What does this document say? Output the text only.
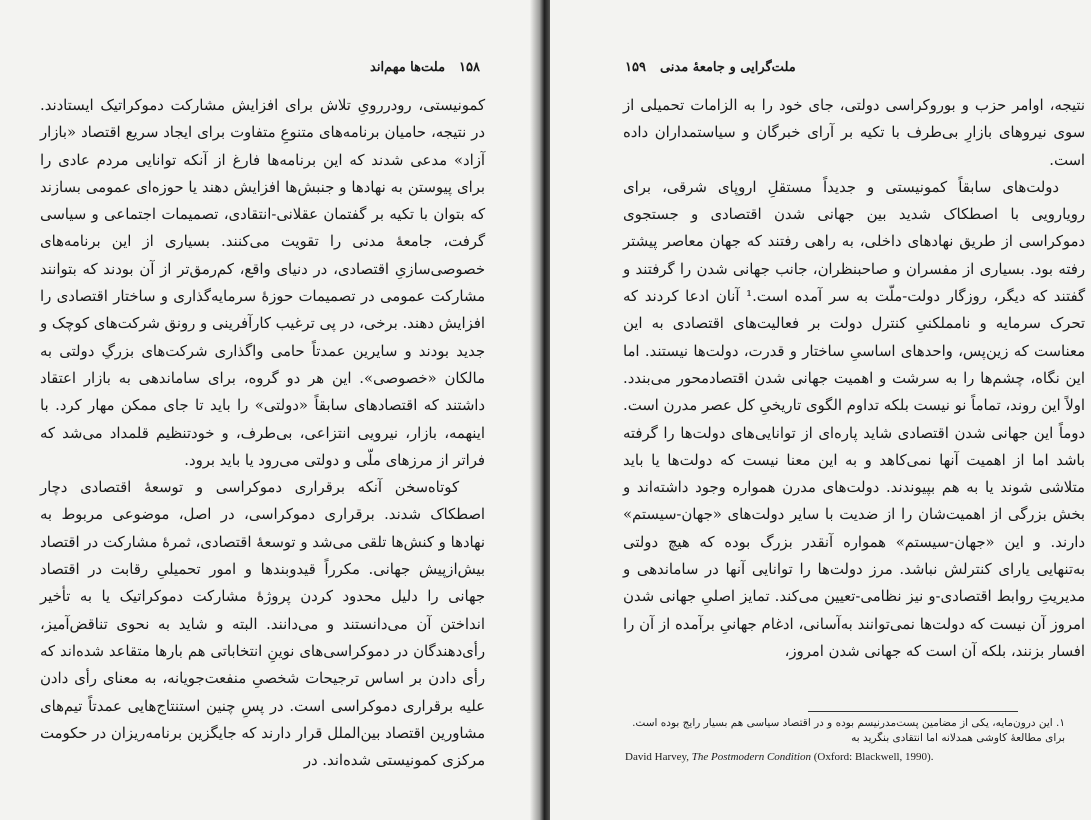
ملت‌ها مهم‌اند ۱۵۸

کمونیستی، رودررویِ تلاش برای افزایش مشارکت دموکراتیک ایستادند. در نتیجه، حامیان برنامه‌های متنوعِ متفاوت برای ایجاد سریع اقتصاد «بازار آزاد» مدعی شدند که این برنامه‌ها فارغ از آنکه توانایی مردم عادی را برای پیوستن به نهادها و جنبش‌ها افزایش دهند یا حوزه‌ای عمومی بسازند که بتوان با تکیه بر گفتمان عقلانی-انتقادی، تصمیمات اجتماعی و سیاسی گرفت، جامعهٔ مدنی را تقویت می‌کنند. بسیاری از این برنامه‌های خصوصی‌سازیِ اقتصادی، در دنیای واقع، کم‌رمق‌تر از آن بودند که بتوانند مشارکت عمومی در تصمیمات حوزهٔ سرمایه‌گذاری و ساختار اقتصادی را افزایش دهند. برخی، در پی ترغیب کارآفرینی و رونق شرکت‌های کوچک و جدید بودند و سایرین عمدتاً حامی واگذاری شرکت‌های بزرگِ دولتی به مالکان «خصوصی». این هر دو گروه، برای ساماندهی به بازار اعتقاد داشتند که اقتصادهای سابقاً «دولتی» را باید تا جای ممکن مهار کرد. با اینهمه، بازار، نیرویی انتزاعی، بی‌طرف، و خودتنظیم قلمداد می‌شد که فراتر از مرزهای ملّی و دولتی می‌رود یا باید برود.

کوتاه‌سخن آنکه برقراری دموکراسی و توسعهٔ اقتصادی دچار اصطکاک شدند. برقراری دموکراسی، در اصل، موضوعی مربوط به نهادها و کنش‌ها تلقی می‌شد و توسعهٔ اقتصادی، ثمرهٔ مشارکت در اقتصاد بیش‌ازپیش جهانی. مکرراً قیدوبندها و امور تحمیلیِ رقابت در اقتصاد جهانی را دلیل محدود کردن پروژهٔ مشارکت دموکراتیک یا به تأخیر انداختن آن می‌دانستند و می‌دانند. البته و شاید به نحوی تناقض‌آمیز، رأی‌دهندگان در دموکراسی‌های نوینِ انتخاباتی هم بارها متقاعد شده‌اند که رأی دادن بر اساس ترجیحات شخصیِ منفعت‌جویانه، به معنای رأی دادن علیه برقراری دموکراسی است. در پسِ چنین استنتاج‌هایی عمدتاً تیم‌های مشاورین اقتصاد بین‌الملل قرار دارند که جایگزین برنامه‌ریزان در حکومت مرکزی کمونیستی شده‌اند. در

۱۵۹ ملت‌گرایی و جامعهٔ مدنی

نتیجه، اوامر حزب و بوروکراسی دولتی، جای خود را به الزامات تحمیلی از سوی نیروهای بازارِ بی‌طرف با تکیه بر آرای خبرگان و سیاستمداران داده است.

دولت‌های سابقاً کمونیستی و جدیداً مستقلِ اروپای شرقی، برای رویارویی با اصطکاک شدید بین جهانی شدن اقتصادی و جستجوی دموکراسی از طریق نهادهای داخلی، به راهی رفتند که جهان معاصر پیشتر رفته بود. بسیاری از مفسران و صاحبنظران، جانب جهانی شدن را گرفتند و گفتند که دیگر، روزگار دولت-ملّت به سر آمده است.¹ آنان ادعا کردند که تحرک سرمایه و نامملکنیِ کنترل دولت بر فعالیت‌های اقتصادی به این معناست که زین‌پس، واحدهای اساسیِ ساختار و قدرت، دولت‌ها نیستند. اما این نگاه، چشم‌ها را به سرشت و اهمیت جهانی شدن اقتصادمحور می‌بندد. اولاً این روند، تماماً نو نیست بلکه تداوم الگوی تاریخیِ کل عصر مدرن است. دوماً این جهانی شدن اقتصادی شاید پاره‌ای از توانایی‌های دولت‌ها را گرفته باشد اما از اهمیت آنها نمی‌کاهد و به این معنا نیست که دولت‌ها یا باید متلاشی شوند یا به هم بپیوندند. دولت‌های مدرن همواره وجود داشته‌اند و بخش بزرگی از اهمیت‌شان را از ضدیت با سایر دولت‌های «جهان-سیستم» دارند. و این «جهان-سیستم» همواره آنقدر بزرگ بوده که هیچ دولتی به‌تنهایی یارای کنترلش نباشد. مرز دولت‌ها را توانایی آنها در ساماندهی و مدیریتِ روابط اقتصادی-و نیز نظامی-تعیین می‌کند. تمایز اصلیِ جهانی شدن امروز آن نیست که دولت‌ها نمی‌توانند به‌آسانی، ادغام جهانیِ برآمده از آن را افسار بزنند، بلکه آن است که جهانی شدن امروز،

۱. این درون‌مایه، یکی از مضامین پست‌مدرنیسم بوده و در اقتصاد سیاسی هم بسیار رایج بوده است. برای مطالعهٔ کاوشی همدلانه اما انتقادی بنگرید به
David Harvey, The Postmodern Condition (Oxford: Blackwell, 1990).
